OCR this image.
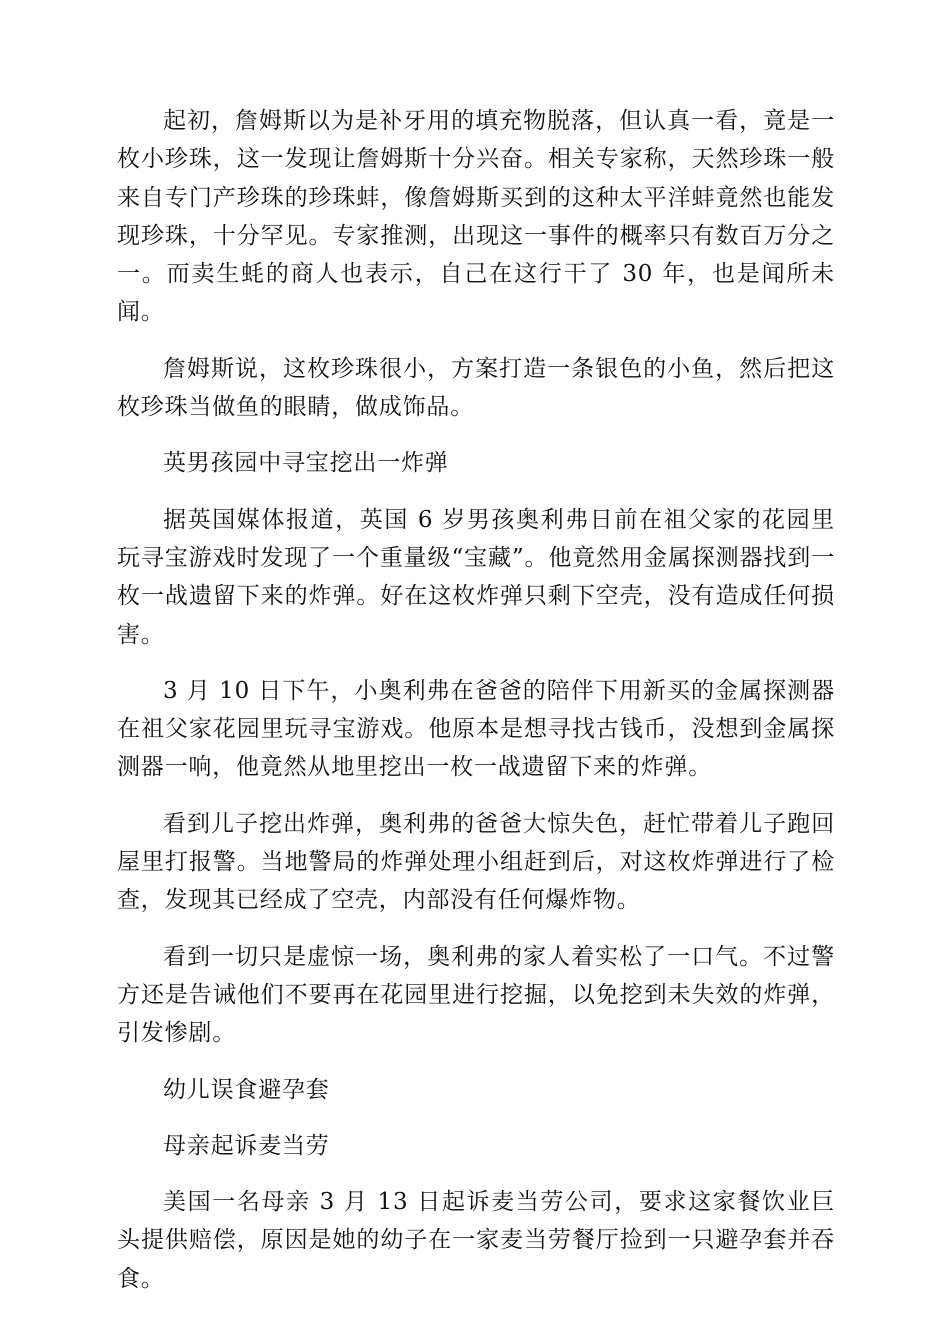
起初，詹姆斯以为是补牙用的填充物脱落，但认真一看，竟是一枚小珍珠，这一发现让詹姆斯十分兴奋。相关专家称，天然珍珠一般来自专门产珍珠的珍珠蚌，像詹姆斯买到的这种太平洋蚌竟然也能发现珍珠，十分罕见。专家推测，出现这一事件的概率只有数百万分之一。而卖生蚝的商人也表示，自己在这行干了 30 年，也是闻所未闻。

詹姆斯说，这枚珍珠很小，方案打造一条银色的小鱼，然后把这枚珍珠当做鱼的眼睛，做成饰品。

英男孩园中寻宝挖出一炸弹

据英国媒体报道，英国 6 岁男孩奥利弗日前在祖父家的花园里玩寻宝游戏时发现了一个重量级“宝藏”。他竟然用金属探测器找到一枚一战遗留下来的炸弹。好在这枚炸弹只剩下空壳，没有造成任何损害。

3 月 10 日下午，小奥利弗在爸爸的陪伴下用新买的金属探测器在祖父家花园里玩寻宝游戏。他原本是想寻找古钱币，没想到金属探测器一响，他竟然从地里挖出一枚一战遗留下来的炸弹。

看到儿子挖出炸弹，奥利弗的爸爸大惊失色，赶忙带着儿子跑回屋里打报警。当地警局的炸弹处理小组赶到后，对这枚炸弹进行了检查，发现其已经成了空壳，内部没有任何爆炸物。

看到一切只是虚惊一场，奥利弗的家人着实松了一口气。不过警方还是告诫他们不要再在花园里进行挖掘，以免挖到未失效的炸弹，引发惨剧。

幼儿误食避孕套

母亲起诉麦当劳

美国一名母亲 3 月 13 日起诉麦当劳公司，要求这家餐饮业巨头提供赔偿，原因是她的幼子在一家麦当劳餐厅捡到一只避孕套并吞食。
